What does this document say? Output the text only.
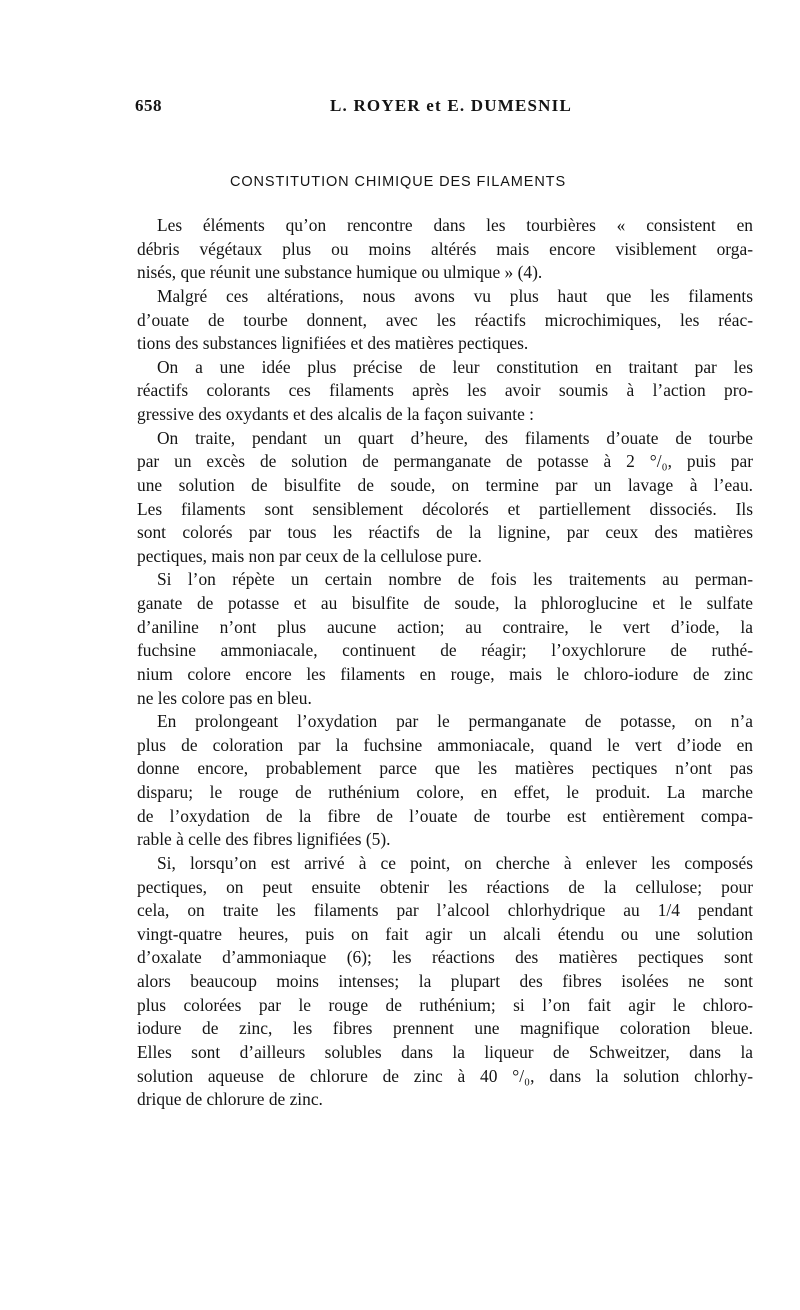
658	L. ROYER et E. DUMESNIL
CONSTITUTION CHIMIQUE DES FILAMENTS
Les éléments qu’on rencontre dans les tourbières « consistent en
débris végétaux plus ou moins altérés mais encore visiblement orga-
nisés, que réunit une substance humique ou ulmique » (4).
Malgré ces altérations, nous avons vu plus haut que les filaments
d’ouate de tourbe donnent, avec les réactifs microchimiques, les réac-
tions des substances lignifiées et des matières pectiques.
On a une idée plus précise de leur constitution en traitant par les
réactifs colorants ces filaments après les avoir soumis à l’action pro-
gressive des oxydants et des alcalis de la façon suivante :
On traite, pendant un quart d’heure, des filaments d’ouate de tourbe
par un excès de solution de permanganate de potasse à 2 °/₀, puis par
une solution de bisulfite de soude, on termine par un lavage à l’eau.
Les filaments sont sensiblement décolorés et partiellement dissociés. Ils
sont colorés par tous les réactifs de la lignine, par ceux des matières
pectiques, mais non par ceux de la cellulose pure.
Si l’on répète un certain nombre de fois les traitements au perman-
ganate de potasse et au bisulfite de soude, la phloroglucine et le sulfate
d’aniline n’ont plus aucune action; au contraire, le vert d’iode, la
fuchsine ammoniacale, continuent de réagir; l’oxychlorure de ruthé-
nium colore encore les filaments en rouge, mais le chloro-iodure de zinc
ne les colore pas en bleu.
En prolongeant l’oxydation par le permanganate de potasse, on n’a
plus de coloration par la fuchsine ammoniacale, quand le vert d’iode en
donne encore, probablement parce que les matières pectiques n’ont pas
disparu; le rouge de ruthénium colore, en effet, le produit. La marche
de l’oxydation de la fibre de l’ouate de tourbe est entièrement compa-
rable à celle des fibres lignifiées (5).
Si, lorsqu’on est arrivé à ce point, on cherche à enlever les composés
pectiques, on peut ensuite obtenir les réactions de la cellulose; pour
cela, on traite les filaments par l’alcool chlorhydrique au 1/4 pendant
vingt-quatre heures, puis on fait agir un alcali étendu ou une solution
d’oxalate d’ammoniaque (6); les réactions des matières pectiques sont
alors beaucoup moins intenses; la plupart des fibres isolées ne sont
plus colorées par le rouge de ruthénium; si l’on fait agir le chloro-
iodure de zinc, les fibres prennent une magnifique coloration bleue.
Elles sont d’ailleurs solubles dans la liqueur de Schweitzer, dans la
solution aqueuse de chlorure de zinc à 40 °/₀, dans la solution chlorhy-
drique de chlorure de zinc.
